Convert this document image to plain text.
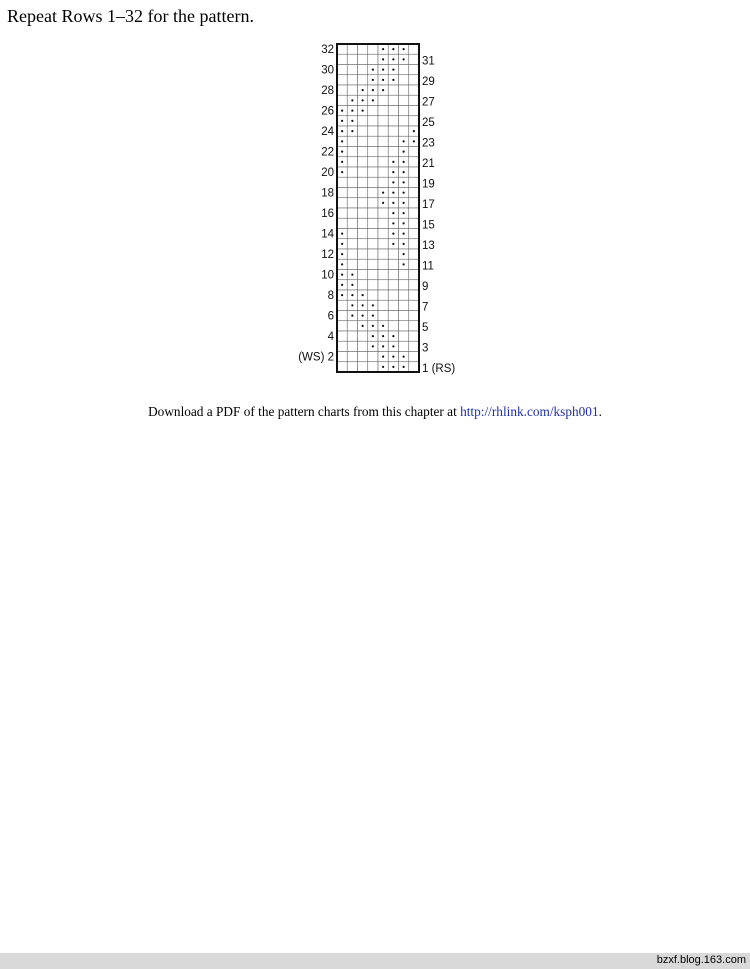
Repeat Rows 1–32 for the pattern.
32
30
28
26
24
22
20
18
16
14
12
10
8
6
4
(WS) 2
31
29
27
25
23
21
19
17
15
13
11
9
7
5
3
1 (RS)

Download a PDF of the pattern charts from this chapter at http://rhlink.com/ksph001.

bzxf.blog.163.com
